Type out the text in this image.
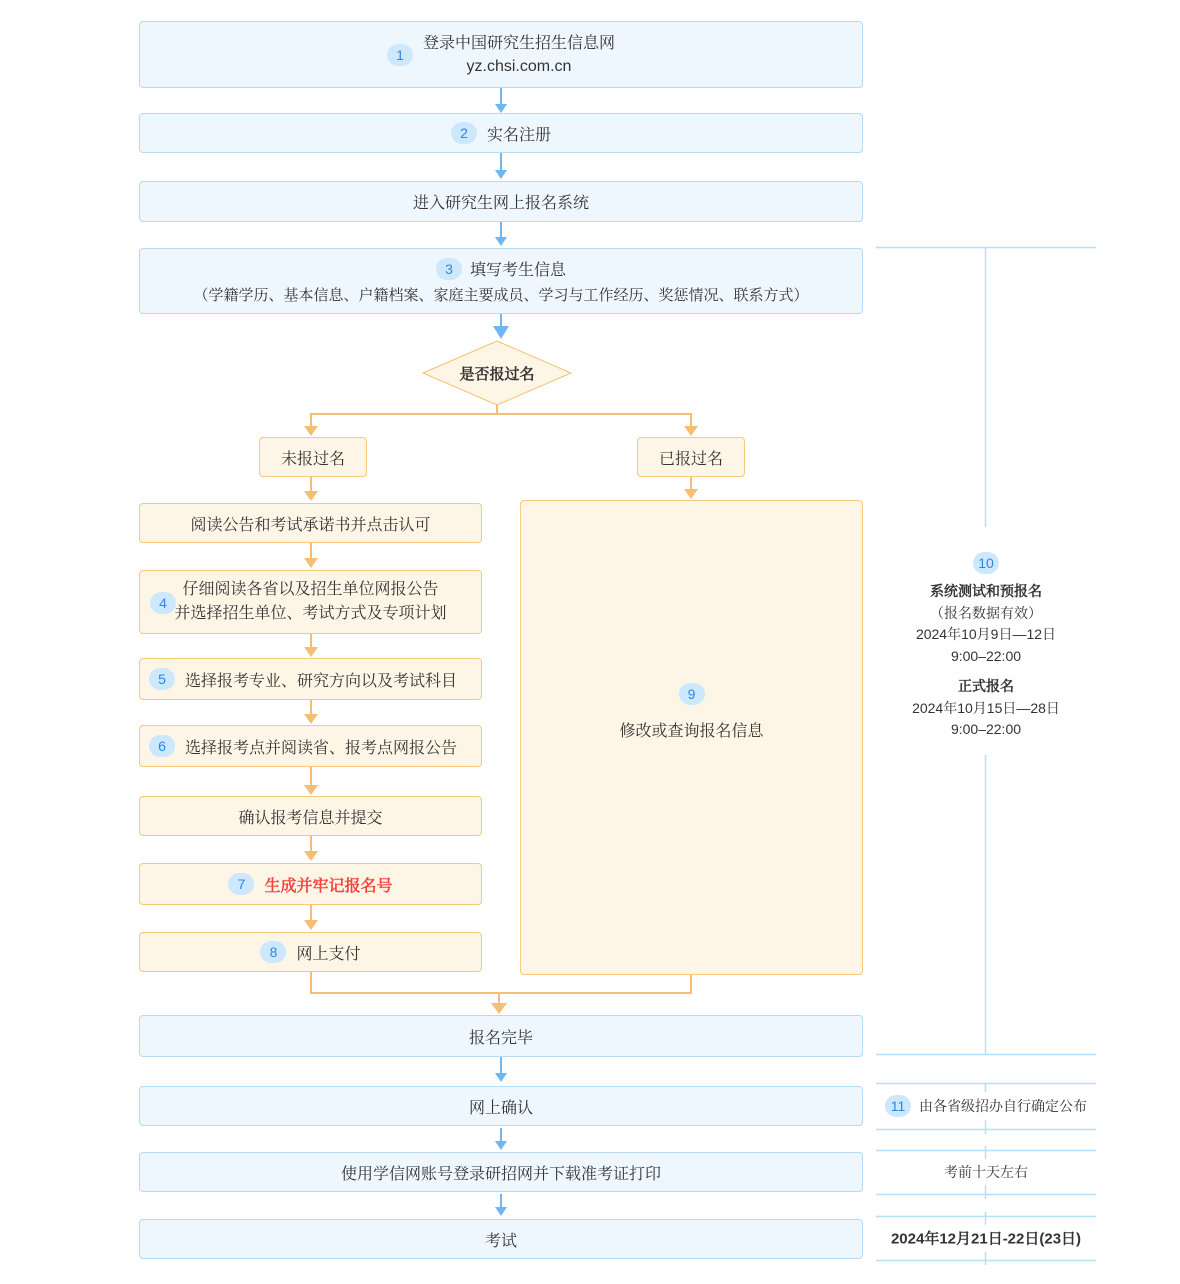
1
登录中国研究生招生信息网
yz.chsi.com.cn
2	实名注册
进入研究生网上报名系统
3	填写考生信息
（学籍学历、基本信息、户籍档案、家庭主要成员、学习与工作经历、奖惩情况、联系方式）
是否报过名
未报过名	已报过名
阅读公告和考试承诺书并点击认可
4
仔细阅读各省以及招生单位网报公告
并选择招生单位、考试方式及专项计划
5	选择报考专业、研究方向以及考试科目
6	选择报考点并阅读省、报考点网报公告
确认报考信息并提交
7	生成并牢记报名号
8	网上支付
9
修改或查询报名信息
报名完毕
网上确认
使用学信网账号登录研招网并下载准考证打印
考试
10
系统测试和预报名
（报名数据有效）
2024年10月9日—12日
9:00–22:00
正式报名
2024年10月15日—28日
9:00–22:00
11 由各省级招办自行确定公布
考前十天左右
2024年12月21日-22日(23日)
